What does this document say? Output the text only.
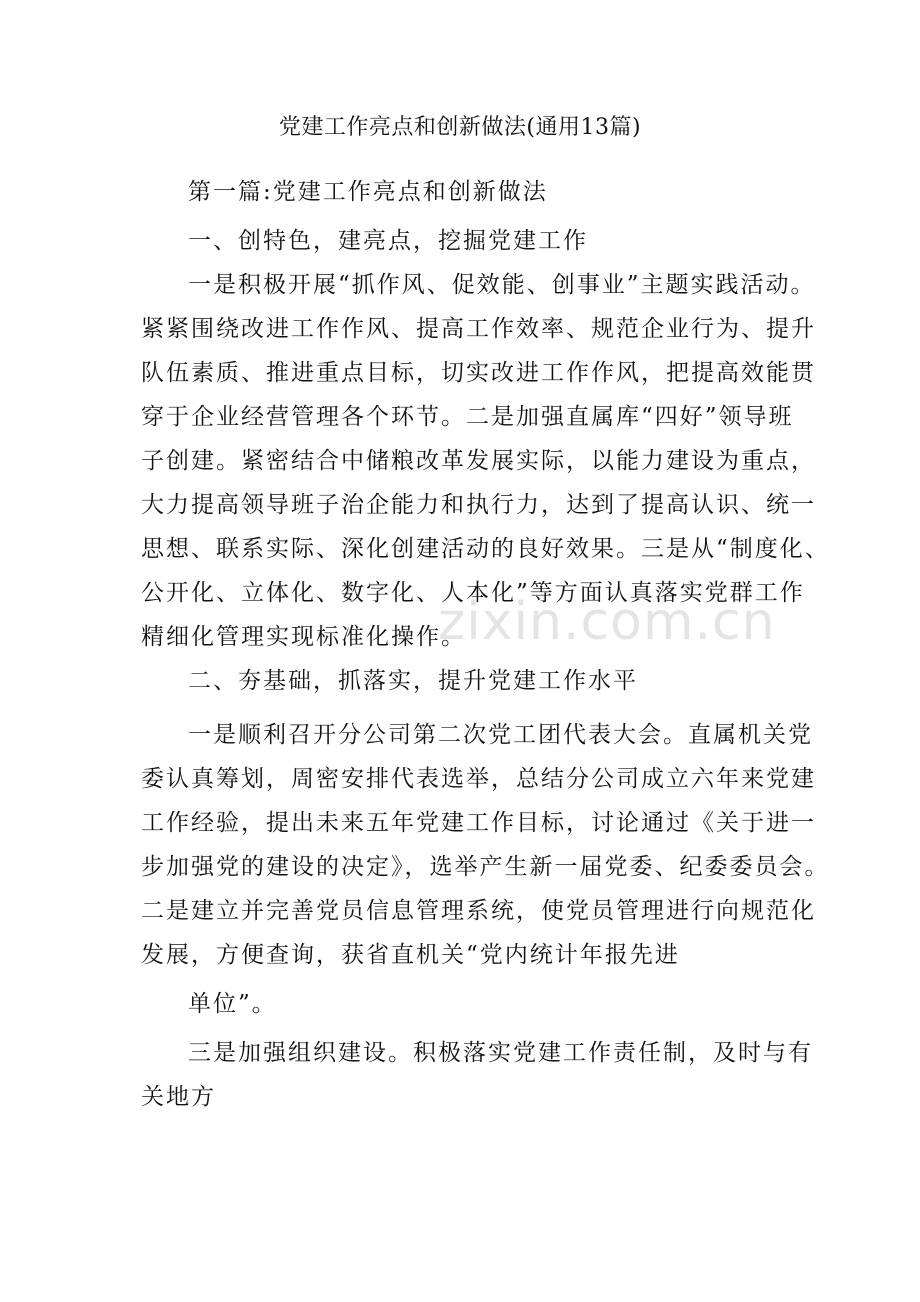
党建工作亮点和创新做法(通用13篇)
zixin.com.cn
第一篇:党建工作亮点和创新做法
一、创特色，建亮点，挖掘党建工作
一是积极开展“抓作风、促效能、创事业”主题实践活动。
紧紧围绕改进工作作风、提高工作效率、规范企业行为、提升
队伍素质、推进重点目标，切实改进工作作风，把提高效能贯
穿于企业经营管理各个环节。二是加强直属库“四好”领导班
子创建。紧密结合中储粮改革发展实际，以能力建设为重点，
大力提高领导班子治企能力和执行力，达到了提高认识、统一
思想、联系实际、深化创建活动的良好效果。三是从“制度化、
公开化、立体化、数字化、人本化”等方面认真落实党群工作
精细化管理实现标准化操作。
二、夯基础，抓落实，提升党建工作水平
一是顺利召开分公司第二次党工团代表大会。直属机关党
委认真筹划，周密安排代表选举，总结分公司成立六年来党建
工作经验，提出未来五年党建工作目标，讨论通过《关于进一
步加强党的建设的决定》，选举产生新一届党委、纪委委员会。
二是建立并完善党员信息管理系统，使党员管理进行向规范化
发展，方便查询，获省直机关“党内统计年报先进
单位”。
三是加强组织建设。积极落实党建工作责任制，及时与有
关地方
